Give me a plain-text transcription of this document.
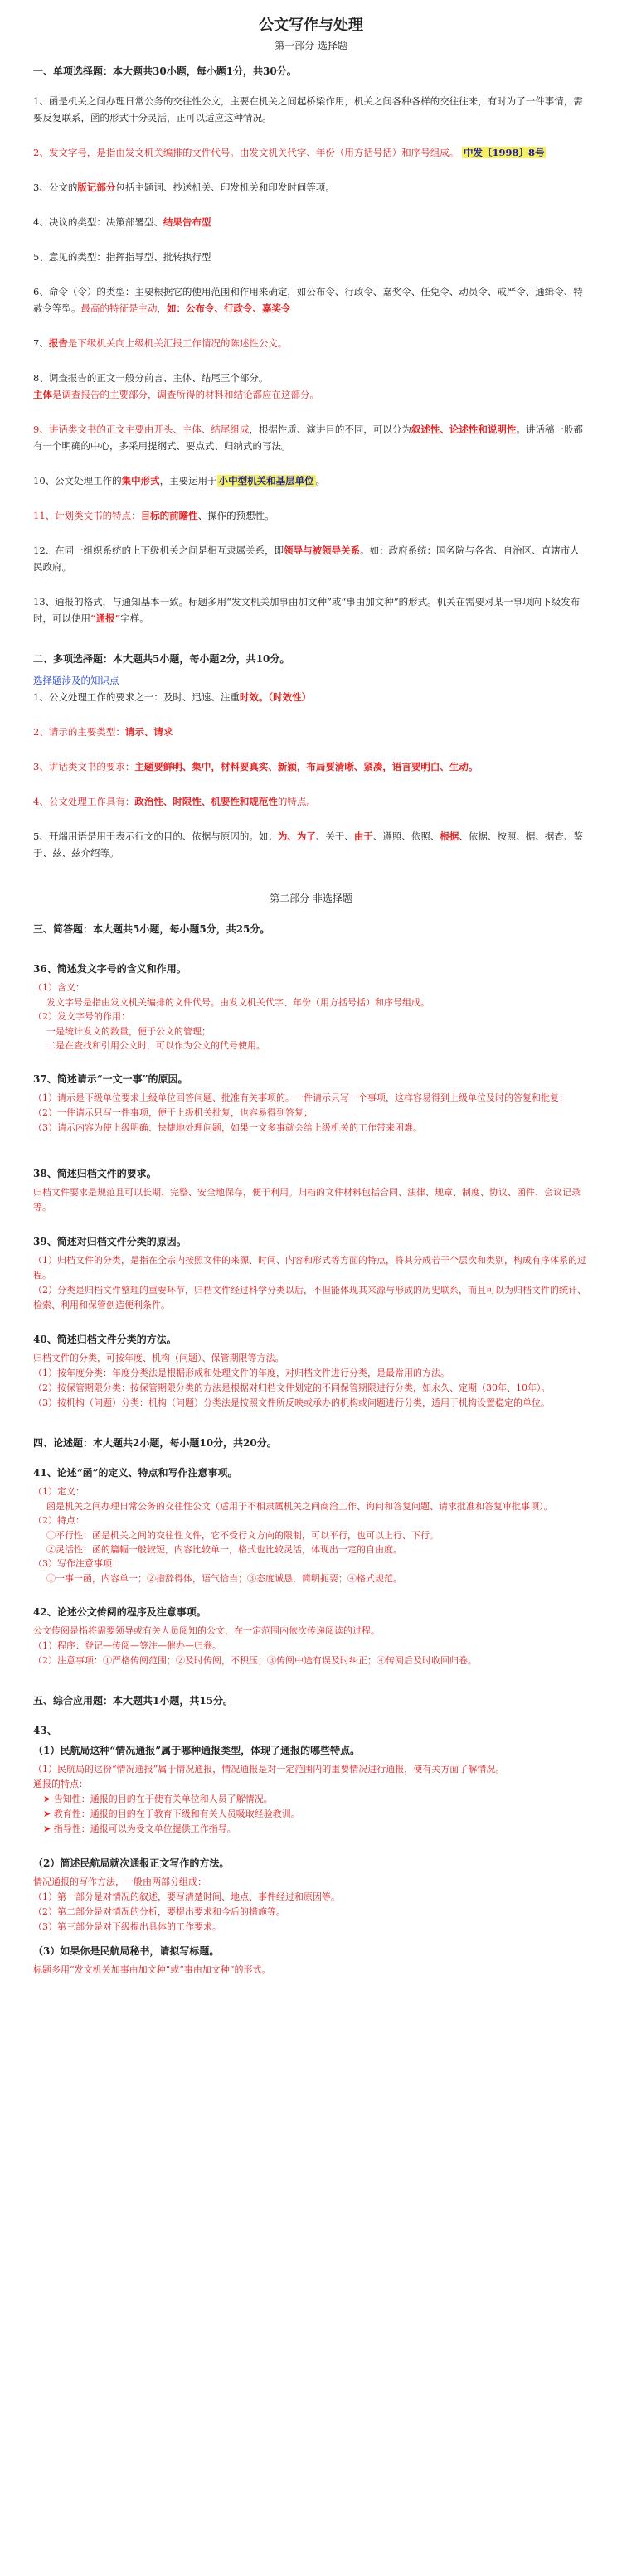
公文写作与处理
第一部分 选择题
一、单项选择题：本大题共30小题，每小题1分，共30分。

1、函是机关之间办理日常公务的交往性公文，主要在机关之间起桥梁作用，机关之间各种各样的交往往来，有时为了一件事情，需要反复联系，函的形式十分灵活，正可以适应这种情况。

2、发文字号，是指由发文机关编排的文件代号。由发文机关代字、年份（用方括号括）和序号组成。 中发〔1998〕8号

3、公文的版记部分包括主题词、抄送机关、印发机关和印发时间等项。

4、决议的类型：决策部署型、结果告布型

5、意见的类型：指挥指导型、批转执行型

6、命令（令）的类型：主要根据它的使用范围和作用来确定，如公布令、行政令、嘉奖令、任免令、动员令、戒严令、通缉令、特赦令等型。最高的特征是主动，如：公布令、行政令、嘉奖令

7、报告是下级机关向上级机关汇报工作情况的陈述性公文。

8、调查报告的正文一般分前言、主体、结尾三个部分。
主体是调查报告的主要部分，调查所得的材料和结论都应在这部分。

9、讲话类文书的正文主要由开头、主体、结尾组成，根据性质、演讲目的不同，可以分为叙述性、论述性和说明性。讲话稿一般都有一个明确的中心，多采用提纲式、要点式、归纳式的写法。

10、公文处理工作的集中形式，主要运用于 小中型机关和基层单位 。

11、计划类文书的特点：目标的前瞻性、操作的预想性。

12、在同一组织系统的上下级机关之间是相互隶属关系，即领导与被领导关系。如：政府系统：国务院与各省、自治区、直辖市人民政府。

13、通报的格式，与通知基本一致。标题多用“发文机关加事由加文种”或“事由加文种”的形式。机关在需要对某一事项向下级发布时，可以使用“通报”字样。

二、多项选择题：本大题共5小题，每小题2分，共10分。

选择题涉及的知识点

1、公文处理工作的要求之一：及时、迅速、注重时效。（时效性）

2、请示的主要类型：请示、请求

3、讲话类文书的要求：主题要鲜明、集中，材料要真实、新颖，布局要清晰、紧凑，语言要明白、生动。

4、公文处理工作具有：政治性、时限性、机要性和规范性的特点。

5、开端用语是用于表示行文的目的、依据与原因的。如：为、为了、关于、由于、遵照、依照、根据、依据、按照、据、据查、鉴于、兹、兹介绍等。

第二部分 非选择题
三、简答题：本大题共5小题，每小题5分，共25分。

36、简述发文字号的含义和作用。

（1）含义：

发文字号是指由发文机关编排的文件代号。由发文机关代字、年份（用方括号括）和序号组成。

（2）发文字号的作用：

一是统计发文的数量，便于公文的管理；

二是在查找和引用公文时，可以作为公文的代号使用。

37、简述请示“一文一事”的原因。

（1）请示是下级单位要求上级单位回答问题、批准有关事项的。一件请示只写一个事项，这样容易得到上级单位及时的答复和批复；

（2）一件请示只写一件事项，便于上级机关批复，也容易得到答复；

（3）请示内容为使上级明确、快捷地处理问题，如果一文多事就会给上级机关的工作带来困难。

38、简述归档文件的要求。

归档文件要求是规范且可以长期、完整、安全地保存，便于利用。归档的文件材料包括合同、法律、规章、制度、协议、函件、会议记录等。

39、简述对归档文件分类的原因。

（1）归档文件的分类，是指在全宗内按照文件的来源、时间、内容和形式等方面的特点，将其分成若干个层次和类别，构成有序体系的过程。

（2）分类是归档文件整理的重要环节，归档文件经过科学分类以后，不但能体现其来源与形成的历史联系，而且可以为归档文件的统计、检索、利用和保管创造便利条件。

40、简述归档文件分类的方法。

归档文件的分类，可按年度、机构（问题）、保管期限等方法。

（1）按年度分类：年度分类法是根据形成和处理文件的年度，对归档文件进行分类，是最常用的方法。

（2）按保管期限分类：按保管期限分类的方法是根据对归档文件划定的不同保管期限进行分类，如永久、定期（30年、10年）。

（3）按机构（问题）分类：机构（问题）分类法是按照文件所反映或承办的机构或问题进行分类，适用于机构设置稳定的单位。

四、论述题：本大题共2小题，每小题10分，共20分。

41、论述“函”的定义、特点和写作注意事项。

（1）定义：

函是机关之间办理日常公务的交往性公文（适用于不相隶属机关之间商洽工作、询问和答复问题、请求批准和答复审批事项）。

（2）特点：

①平行性：函是机关之间的交往性文件，它不受行文方向的限制，可以平行，也可以上行、下行。

②灵活性：函的篇幅一般较短，内容比较单一，格式也比较灵活，体现出一定的自由度。

（3）写作注意事项：

①一事一函，内容单一；②措辞得体，语气恰当；③态度诚恳，简明扼要；④格式规范。

42、论述公文传阅的程序及注意事项。

公文传阅是指将需要领导或有关人员阅知的公文，在一定范围内依次传递阅读的过程。

（1）程序：登记—传阅—签注—催办—归卷。

（2）注意事项：①严格传阅范围；②及时传阅，不积压；③传阅中途有误及时纠正；④传阅后及时收回归卷。

五、综合应用题：本大题共1小题，共15分。

43、

（1）民航局这种“情况通报”属于哪种通报类型，体现了通报的哪些特点。

（1）民航局的这份“情况通报”属于情况通报，情况通报是对一定范围内的重要情况进行通报，使有关方面了解情况。

通报的特点：

➤ 告知性：通报的目的在于使有关单位和人员了解情况。

➤ 教育性：通报的目的在于教育下级和有关人员吸取经验教训。

➤ 指导性：通报可以为受文单位提供工作指导。

（2）简述民航局就次通报正文写作的方法。

情况通报的写作方法，一般由两部分组成：

（1）第一部分是对情况的叙述，要写清楚时间、地点、事件经过和原因等。

（2）第二部分是对情况的分析，要提出要求和今后的措施等。

（3）第三部分是对下级提出具体的工作要求。

（3）如果你是民航局秘书，请拟写标题。

标题多用“发文机关加事由加文种”或“事由加文种”的形式。
